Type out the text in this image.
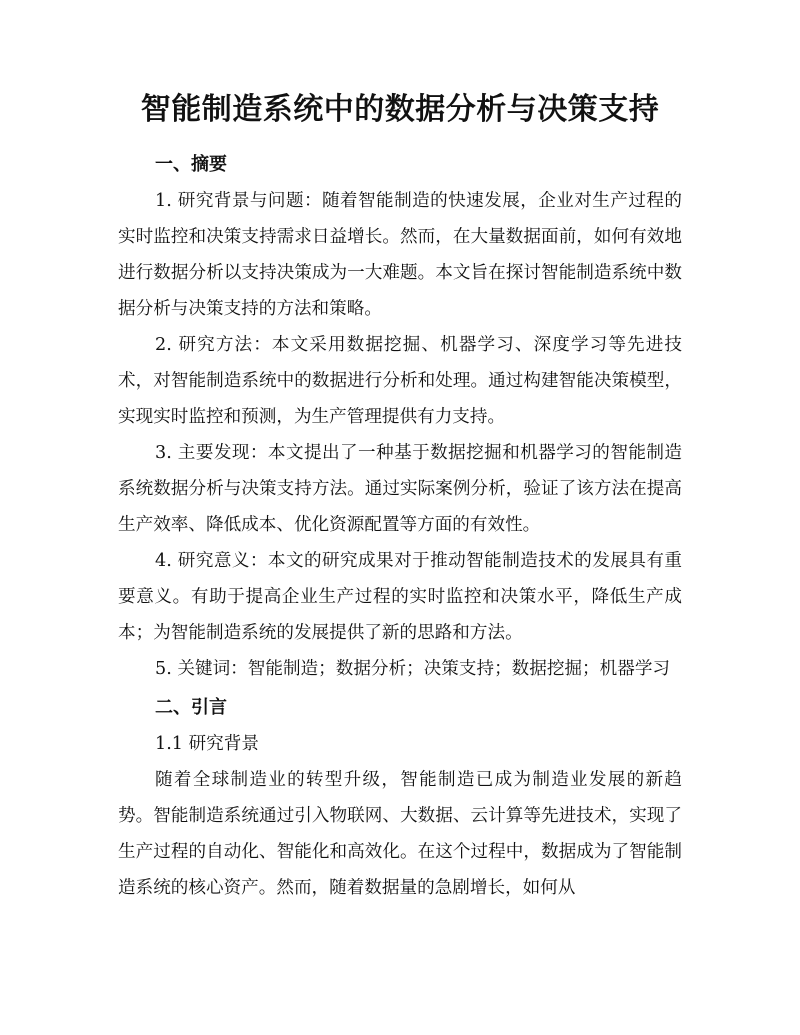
智能制造系统中的数据分析与决策支持
一、摘要

1. 研究背景与问题：随着智能制造的快速发展，企业对生产过程的实时监控和决策支持需求日益增长。然而，在大量数据面前，如何有效地进行数据分析以支持决策成为一大难题。本文旨在探讨智能制造系统中数据分析与决策支持的方法和策略。

2. 研究方法：本文采用数据挖掘、机器学习、深度学习等先进技术，对智能制造系统中的数据进行分析和处理。通过构建智能决策模型，实现实时监控和预测，为生产管理提供有力支持。

3. 主要发现：本文提出了一种基于数据挖掘和机器学习的智能制造系统数据分析与决策支持方法。通过实际案例分析，验证了该方法在提高生产效率、降低成本、优化资源配置等方面的有效性。

4. 研究意义：本文的研究成果对于推动智能制造技术的发展具有重要意义。有助于提高企业生产过程的实时监控和决策水平，降低生产成本；为智能制造系统的发展提供了新的思路和方法。

5. 关键词：智能制造；数据分析；决策支持；数据挖掘；机器学习

二、引言

1.1 研究背景

随着全球制造业的转型升级，智能制造已成为制造业发展的新趋势。智能制造系统通过引入物联网、大数据、云计算等先进技术，实现了生产过程的自动化、智能化和高效化。在这个过程中，数据成为了智能制造系统的核心资产。然而，随着数据量的急剧增长，如何从
